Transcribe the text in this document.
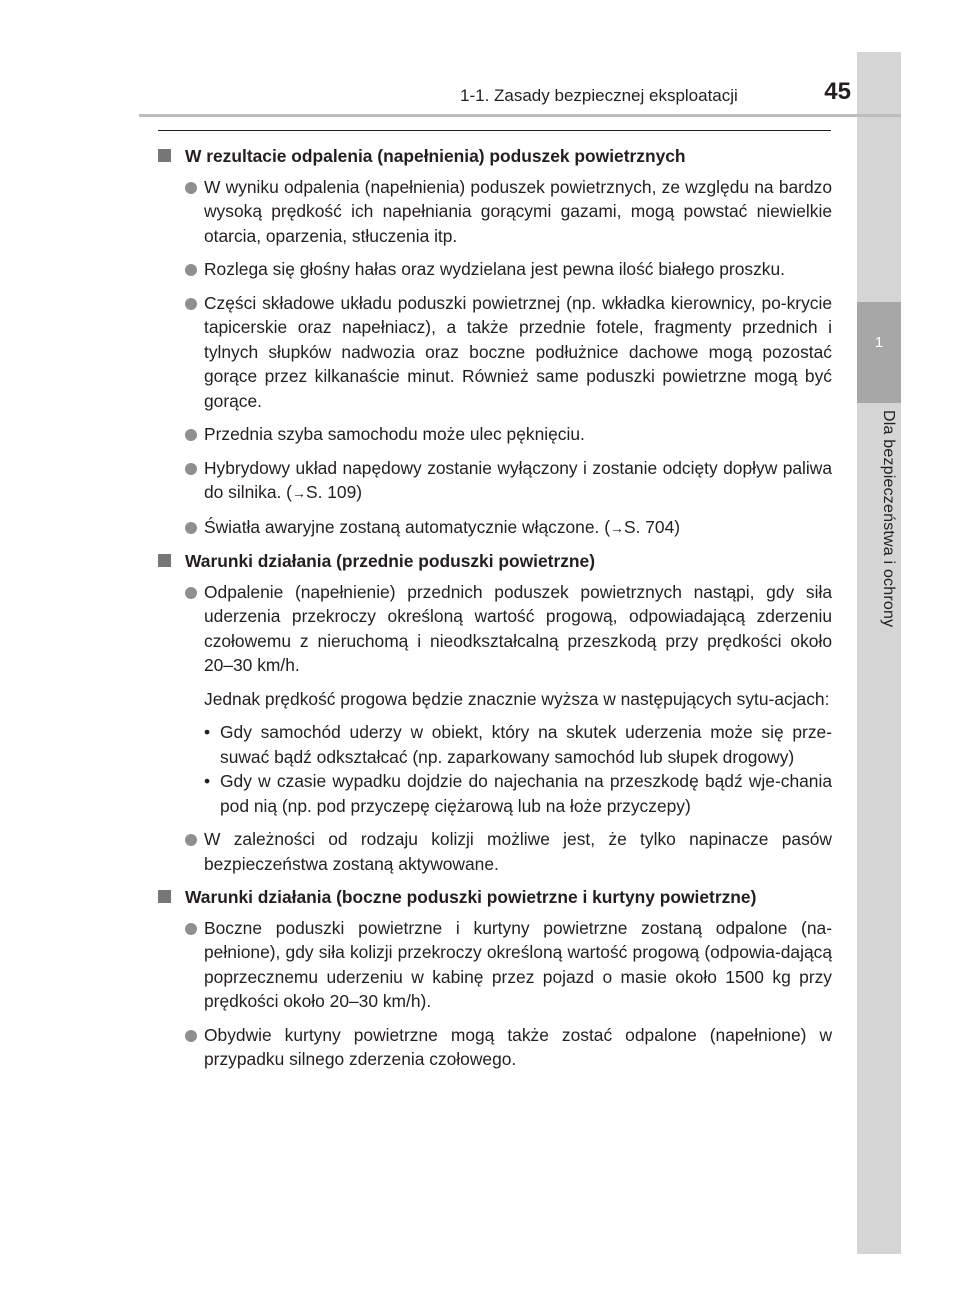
1
Dla bezpieczeństwa i ochrony
1-1. Zasady bezpiecznej eksploatacji	45
W rezultacie odpalenia (napełnienia) poduszek powietrznych
W wyniku odpalenia (napełnienia) poduszek powietrznych, ze względu na bardzo wysoką prędkość ich napełniania gorącymi gazami, mogą powstać niewielkie otarcia, oparzenia, stłuczenia itp.
Rozlega się głośny hałas oraz wydzielana jest pewna ilość białego proszku.
Części składowe układu poduszki powietrznej (np. wkładka kierownicy, po-krycie tapicerskie oraz napełniacz), a także przednie fotele, fragmenty przednich i tylnych słupków nadwozia oraz boczne podłużnice dachowe mogą pozostać gorące przez kilkanaście minut. Również same poduszki powietrzne mogą być gorące.
Przednia szyba samochodu może ulec pęknięciu.
Hybrydowy układ napędowy zostanie wyłączony i zostanie odcięty dopływ paliwa do silnika. (→S. 109)
Światła awaryjne zostaną automatycznie włączone. (→S. 704)
Warunki działania (przednie poduszki powietrzne)
Odpalenie (napełnienie) przednich poduszek powietrznych nastąpi, gdy siła uderzenia przekroczy określoną wartość progową, odpowiadającą zderzeniu czołowemu z nieruchomą i nieodkształcalną przeszkodą przy prędkości około 20–30 km/h.
Jednak prędkość progowa będzie znacznie wyższa w następujących sytu-acjach:
• Gdy samochód uderzy w obiekt, który na skutek uderzenia może się prze-suwać bądź odkształcać (np. zaparkowany samochód lub słupek drogowy)
• Gdy w czasie wypadku dojdzie do najechania na przeszkodę bądź wje-chania pod nią (np. pod przyczepę ciężarową lub na łoże przyczepy)
W zależności od rodzaju kolizji możliwe jest, że tylko napinacze pasów bezpieczeństwa zostaną aktywowane.
Warunki działania (boczne poduszki powietrzne i kurtyny powietrzne)
Boczne poduszki powietrzne i kurtyny powietrzne zostaną odpalone (na-pełnione), gdy siła kolizji przekroczy określoną wartość progową (odpowia-dającą poprzecznemu uderzeniu w kabinę przez pojazd o masie około 1500 kg przy prędkości około 20–30 km/h).
Obydwie kurtyny powietrzne mogą także zostać odpalone (napełnione) w przypadku silnego zderzenia czołowego.
